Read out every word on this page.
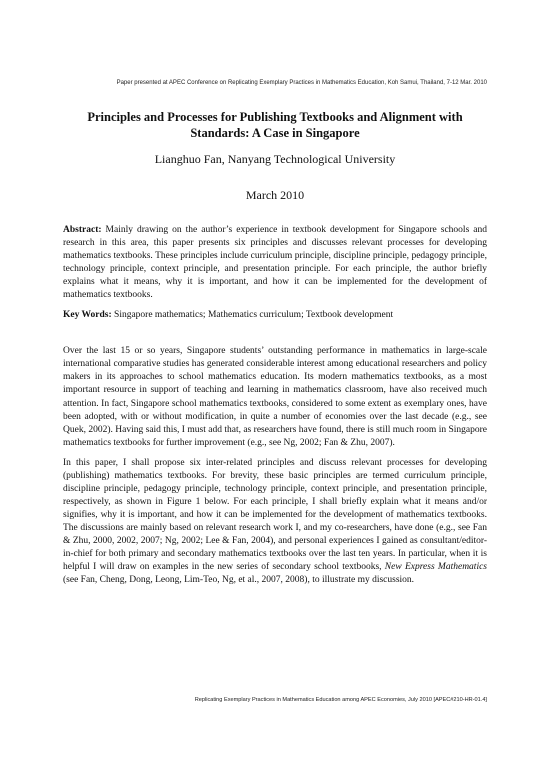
Paper presented at APEC Conference on Replicating Exemplary Practices in Mathematics Education, Koh Samui, Thailand, 7-12 Mar. 2010
Principles and Processes for Publishing Textbooks and Alignment with Standards: A Case in Singapore
Lianghuo Fan, Nanyang Technological University
March 2010
Abstract: Mainly drawing on the author’s experience in textbook development for Singapore schools and research in this area, this paper presents six principles and discusses relevant processes for developing mathematics textbooks. These principles include curriculum principle, discipline principle, pedagogy principle, technology principle, context principle, and presentation principle. For each principle, the author briefly explains what it means, why it is important, and how it can be implemented for the development of mathematics textbooks.
Key Words: Singapore mathematics; Mathematics curriculum; Textbook development
Over the last 15 or so years, Singapore students’ outstanding performance in mathematics in large-scale international comparative studies has generated considerable interest among educational researchers and policy makers in its approaches to school mathematics education. Its modern mathematics textbooks, as a most important resource in support of teaching and learning in mathematics classroom, have also received much attention. In fact, Singapore school mathematics textbooks, considered to some extent as exemplary ones, have been adopted, with or without modification, in quite a number of economies over the last decade (e.g., see Quek, 2002). Having said this, I must add that, as researchers have found, there is still much room in Singapore mathematics textbooks for further improvement (e.g., see Ng, 2002; Fan & Zhu, 2007).
In this paper, I shall propose six inter-related principles and discuss relevant processes for developing (publishing) mathematics textbooks. For brevity, these basic principles are termed curriculum principle, discipline principle, pedagogy principle, technology principle, context principle, and presentation principle, respectively, as shown in Figure 1 below. For each principle, I shall briefly explain what it means and/or signifies, why it is important, and how it can be implemented for the development of mathematics textbooks. The discussions are mainly based on relevant research work I, and my co-researchers, have done (e.g., see Fan & Zhu, 2000, 2002, 2007; Ng, 2002; Lee & Fan, 2004), and personal experiences I gained as consultant/editor-in-chief for both primary and secondary mathematics textbooks over the last ten years. In particular, when it is helpful I will draw on examples in the new series of secondary school textbooks, New Express Mathematics (see Fan, Cheng, Dong, Leong, Lim-Teo, Ng, et al., 2007, 2008), to illustrate my discussion.
Replicating Exemplary Practices in Mathematics Education among APEC Economies, July 2010 [APEC#210-HR-01.4]
